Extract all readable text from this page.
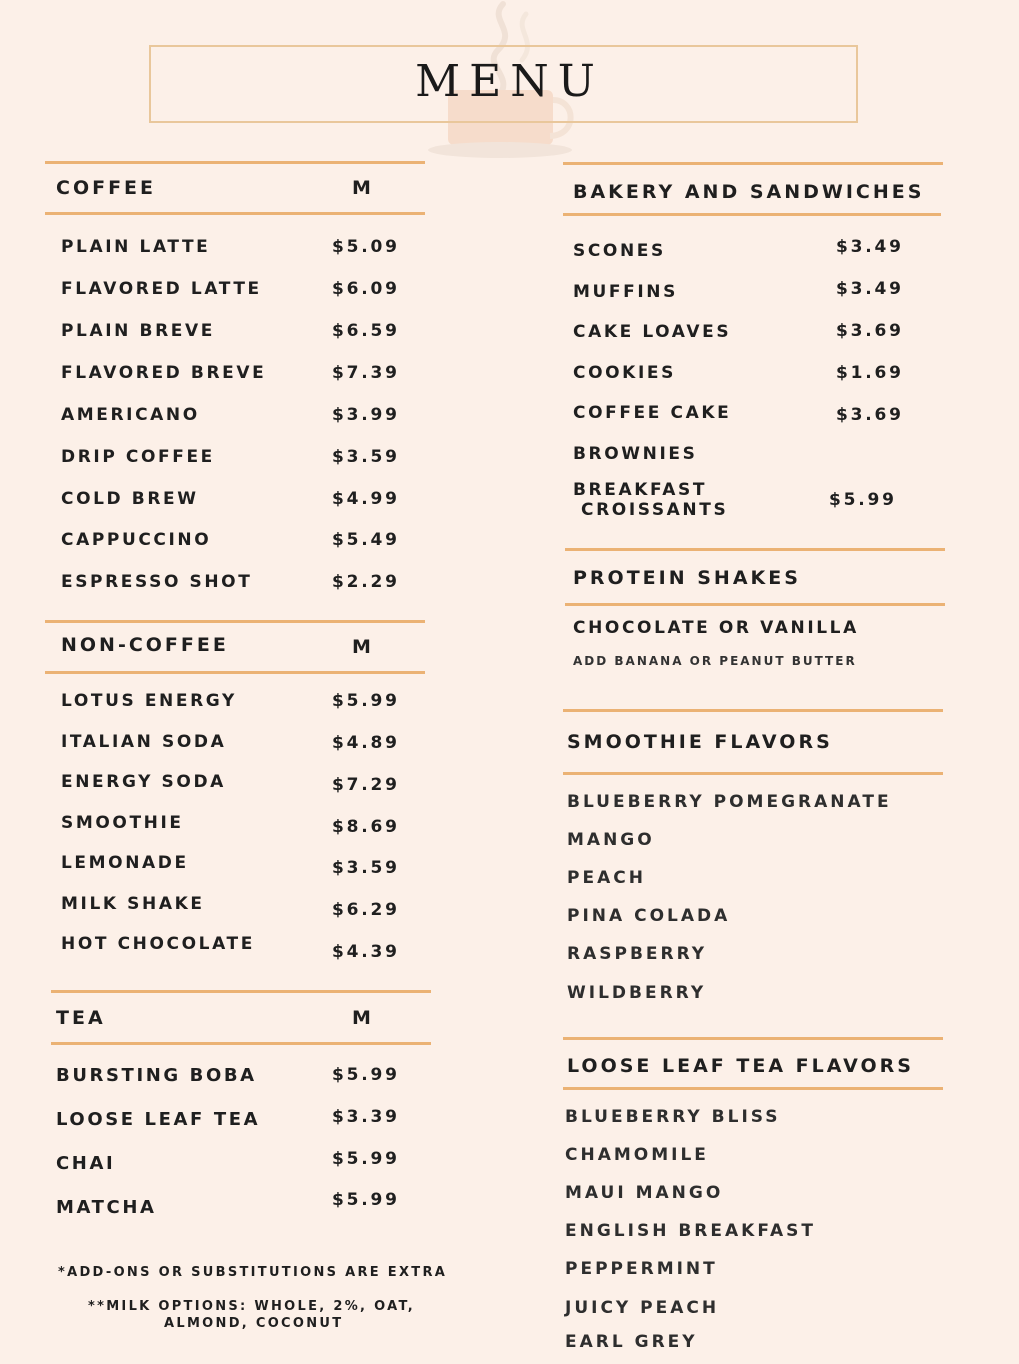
MENU
COFFEE	M
PLAIN LATTE	$5.09
FLAVORED LATTE	$6.09
PLAIN BREVE	$6.59
FLAVORED BREVE	$7.39
AMERICANO	$3.99
DRIP COFFEE	$3.59
COLD BREW	$4.99
CAPPUCCINO	$5.49
ESPRESSO SHOT	$2.29
NON-COFFEE	M
LOTUS ENERGY	$5.99
ITALIAN SODA	$4.89
ENERGY SODA	$7.29
SMOOTHIE	$8.69
LEMONADE	$3.59
MILK SHAKE	$6.29
HOT CHOCOLATE	$4.39
TEA	M
BURSTING BOBA	$5.99
LOOSE LEAF TEA	$3.39
CHAI	$5.99
MATCHA	$5.99
*ADD-ONS OR SUBSTITUTIONS ARE EXTRA
**MILK OPTIONS: WHOLE, 2%, OAT,
ALMOND, COCONUT
BAKERY AND SANDWICHES
SCONES	$3.49
MUFFINS	$3.49
CAKE LOAVES	$3.69
COOKIES	$1.69
COFFEE CAKE	$3.69
BROWNIES
BREAKFAST
CROISSANTS	$5.99
PROTEIN SHAKES
CHOCOLATE OR VANILLA
ADD BANANA OR PEANUT BUTTER
SMOOTHIE FLAVORS
BLUEBERRY POMEGRANATE
MANGO
PEACH
PINA COLADA
RASPBERRY
WILDBERRY
LOOSE LEAF TEA FLAVORS
BLUEBERRY BLISS
CHAMOMILE
MAUI MANGO
ENGLISH BREAKFAST
PEPPERMINT
JUICY PEACH
EARL GREY
